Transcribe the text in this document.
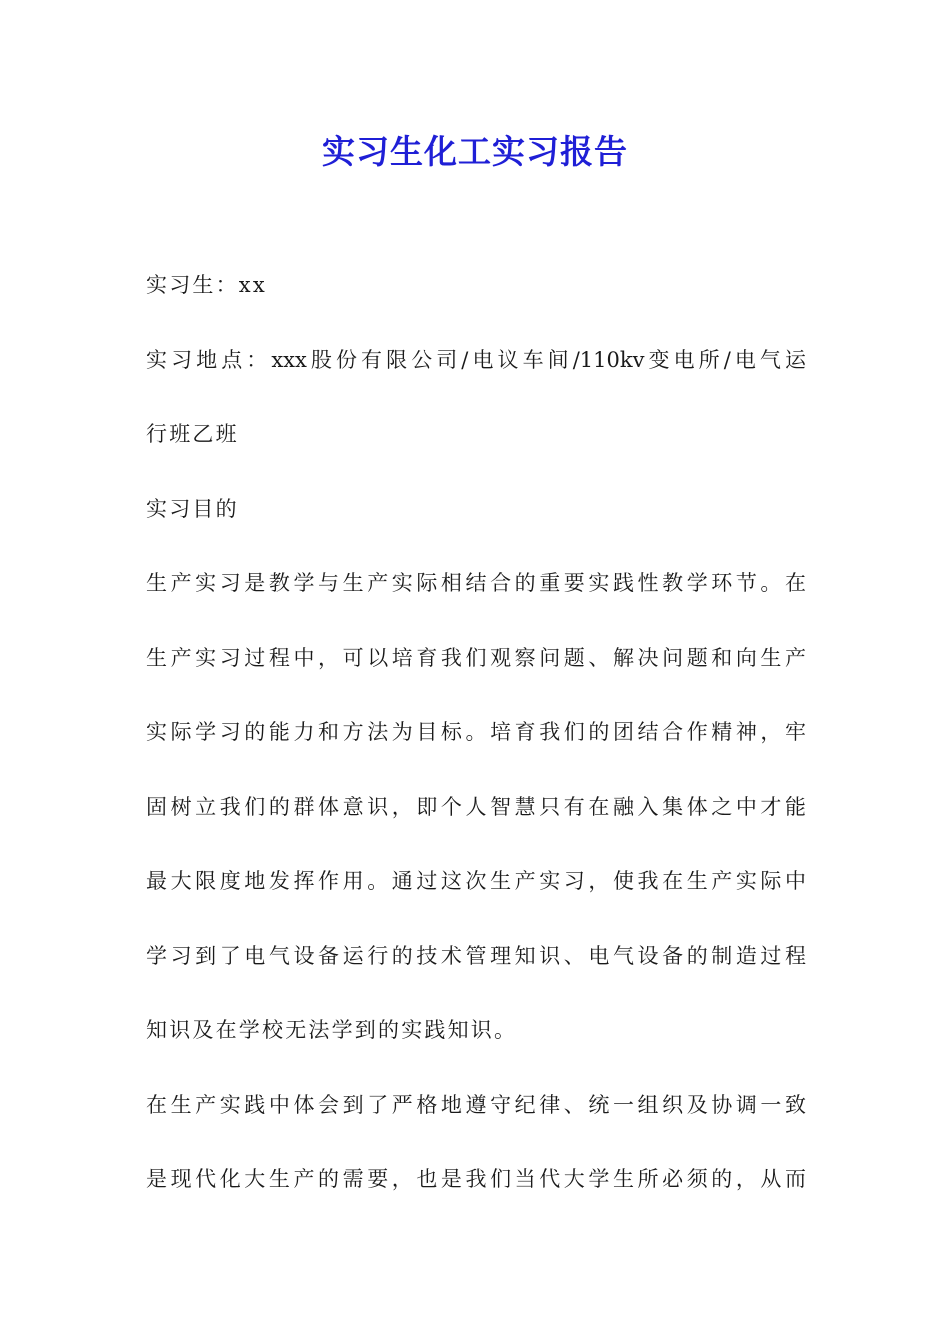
实习生化工实习报告
实习生：xx
实习地点：xxx股份有限公司/电议车间/110kv变电所/电气运
行班乙班
实习目的
生产实习是教学与生产实际相结合的重要实践性教学环节。在
生产实习过程中，可以培育我们观察问题、解决问题和向生产
实际学习的能力和方法为目标。培育我们的团结合作精神，牢
固树立我们的群体意识，即个人智慧只有在融入集体之中才能
最大限度地发挥作用。通过这次生产实习，使我在生产实际中
学习到了电气设备运行的技术管理知识、电气设备的制造过程
知识及在学校无法学到的实践知识。
在生产实践中体会到了严格地遵守纪律、统一组织及协调一致
是现代化大生产的需要，也是我们当代大学生所必须的，从而
